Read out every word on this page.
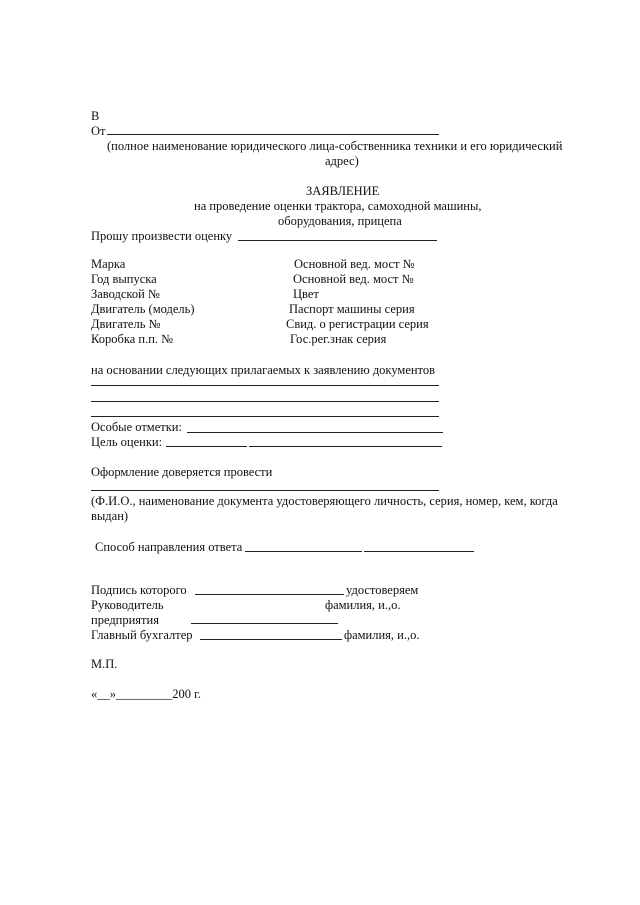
В
От
(полное наименование юридического лица-собственника техники и его юридический
адрес)
ЗАЯВЛЕНИЕ
на проведение оценки трактора, самоходной машины,
оборудования, прицепа
Прошу произвести оценку
Марка	Основной вед. мост №
Год выпуска	Основной вед. мост №
Заводской №	Цвет
Двигатель (модель)	Паспорт машины серия
Двигатель №	Свид. о регистрации серия
Коробка п.п. №	Гос.рег.знак серия
на основании следующих прилагаемых к заявлению документов
Особые отметки:
Цель оценки:
Оформление доверяется провести
(Ф.И.О., наименование документа удостоверяющего личность, серия, номер, кем, когда
выдан)
Способ направления ответа
Подпись которого	удостоверяем
Руководитель	фамилия, и.,о.
предприятия
Главный бухгалтер	фамилия, и.,о.
М.П.
«__»_________200 г.
